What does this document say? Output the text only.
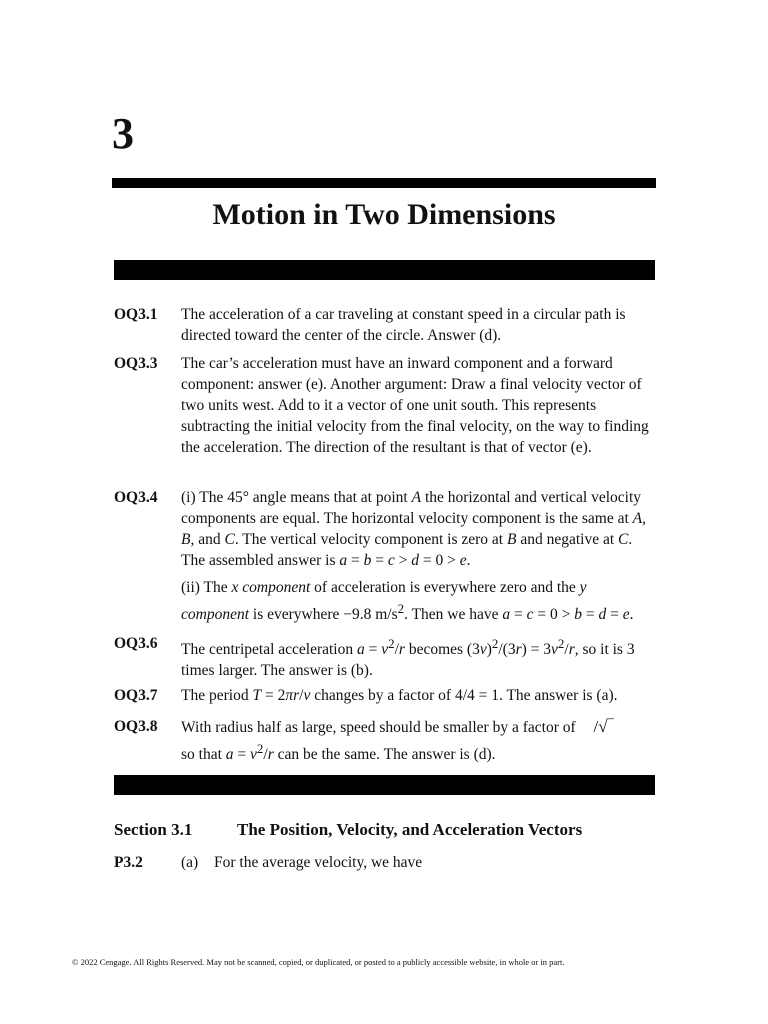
3
Motion in Two Dimensions
OQ3.1 The acceleration of a car traveling at constant speed in a circular path is directed toward the center of the circle. Answer (d).

OQ3.3 The car’s acceleration must have an inward component and a forward component: answer (e). Another argument: Draw a final velocity vector of two units west. Add to it a vector of one unit south. This represents subtracting the initial velocity from the final velocity, on the way to finding the acceleration. The direction of the resultant is that of vector (e).

OQ3.4 (i) The 45° angle means that at point A the horizontal and vertical velocity components are equal. The horizontal velocity component is the same at A, B, and C. The vertical velocity component is zero at B and negative at C. The assembled answer is a = b = c > d = 0 > e.

(ii) The x component of acceleration is everywhere zero and the y component is everywhere −9.8 $m/s^2$. Then we have a = c = 0 > b = d = e.

OQ3.6 The centripetal acceleration $a = v^2/r$ becomes $(3v)^2/(3r) = 3v^2/r$, so it is 3 times larger. The answer is (b).

OQ3.7 The period T = 2πr/v changes by a factor of 4/4 = 1. The answer is (a).

OQ3.8 With radius half as large, speed should be smaller by a factor of /√‾
so that $a = v^2/r$ can be the same. The answer is (d).

Section 3.1	The Position, Velocity, and Acceleration Vectors
P3.2 (a) For the average velocity, we have
© 2022 Cengage. All Rights Reserved. May not be scanned, copied, or duplicated, or posted to a publicly accessible website, in whole or in part.
